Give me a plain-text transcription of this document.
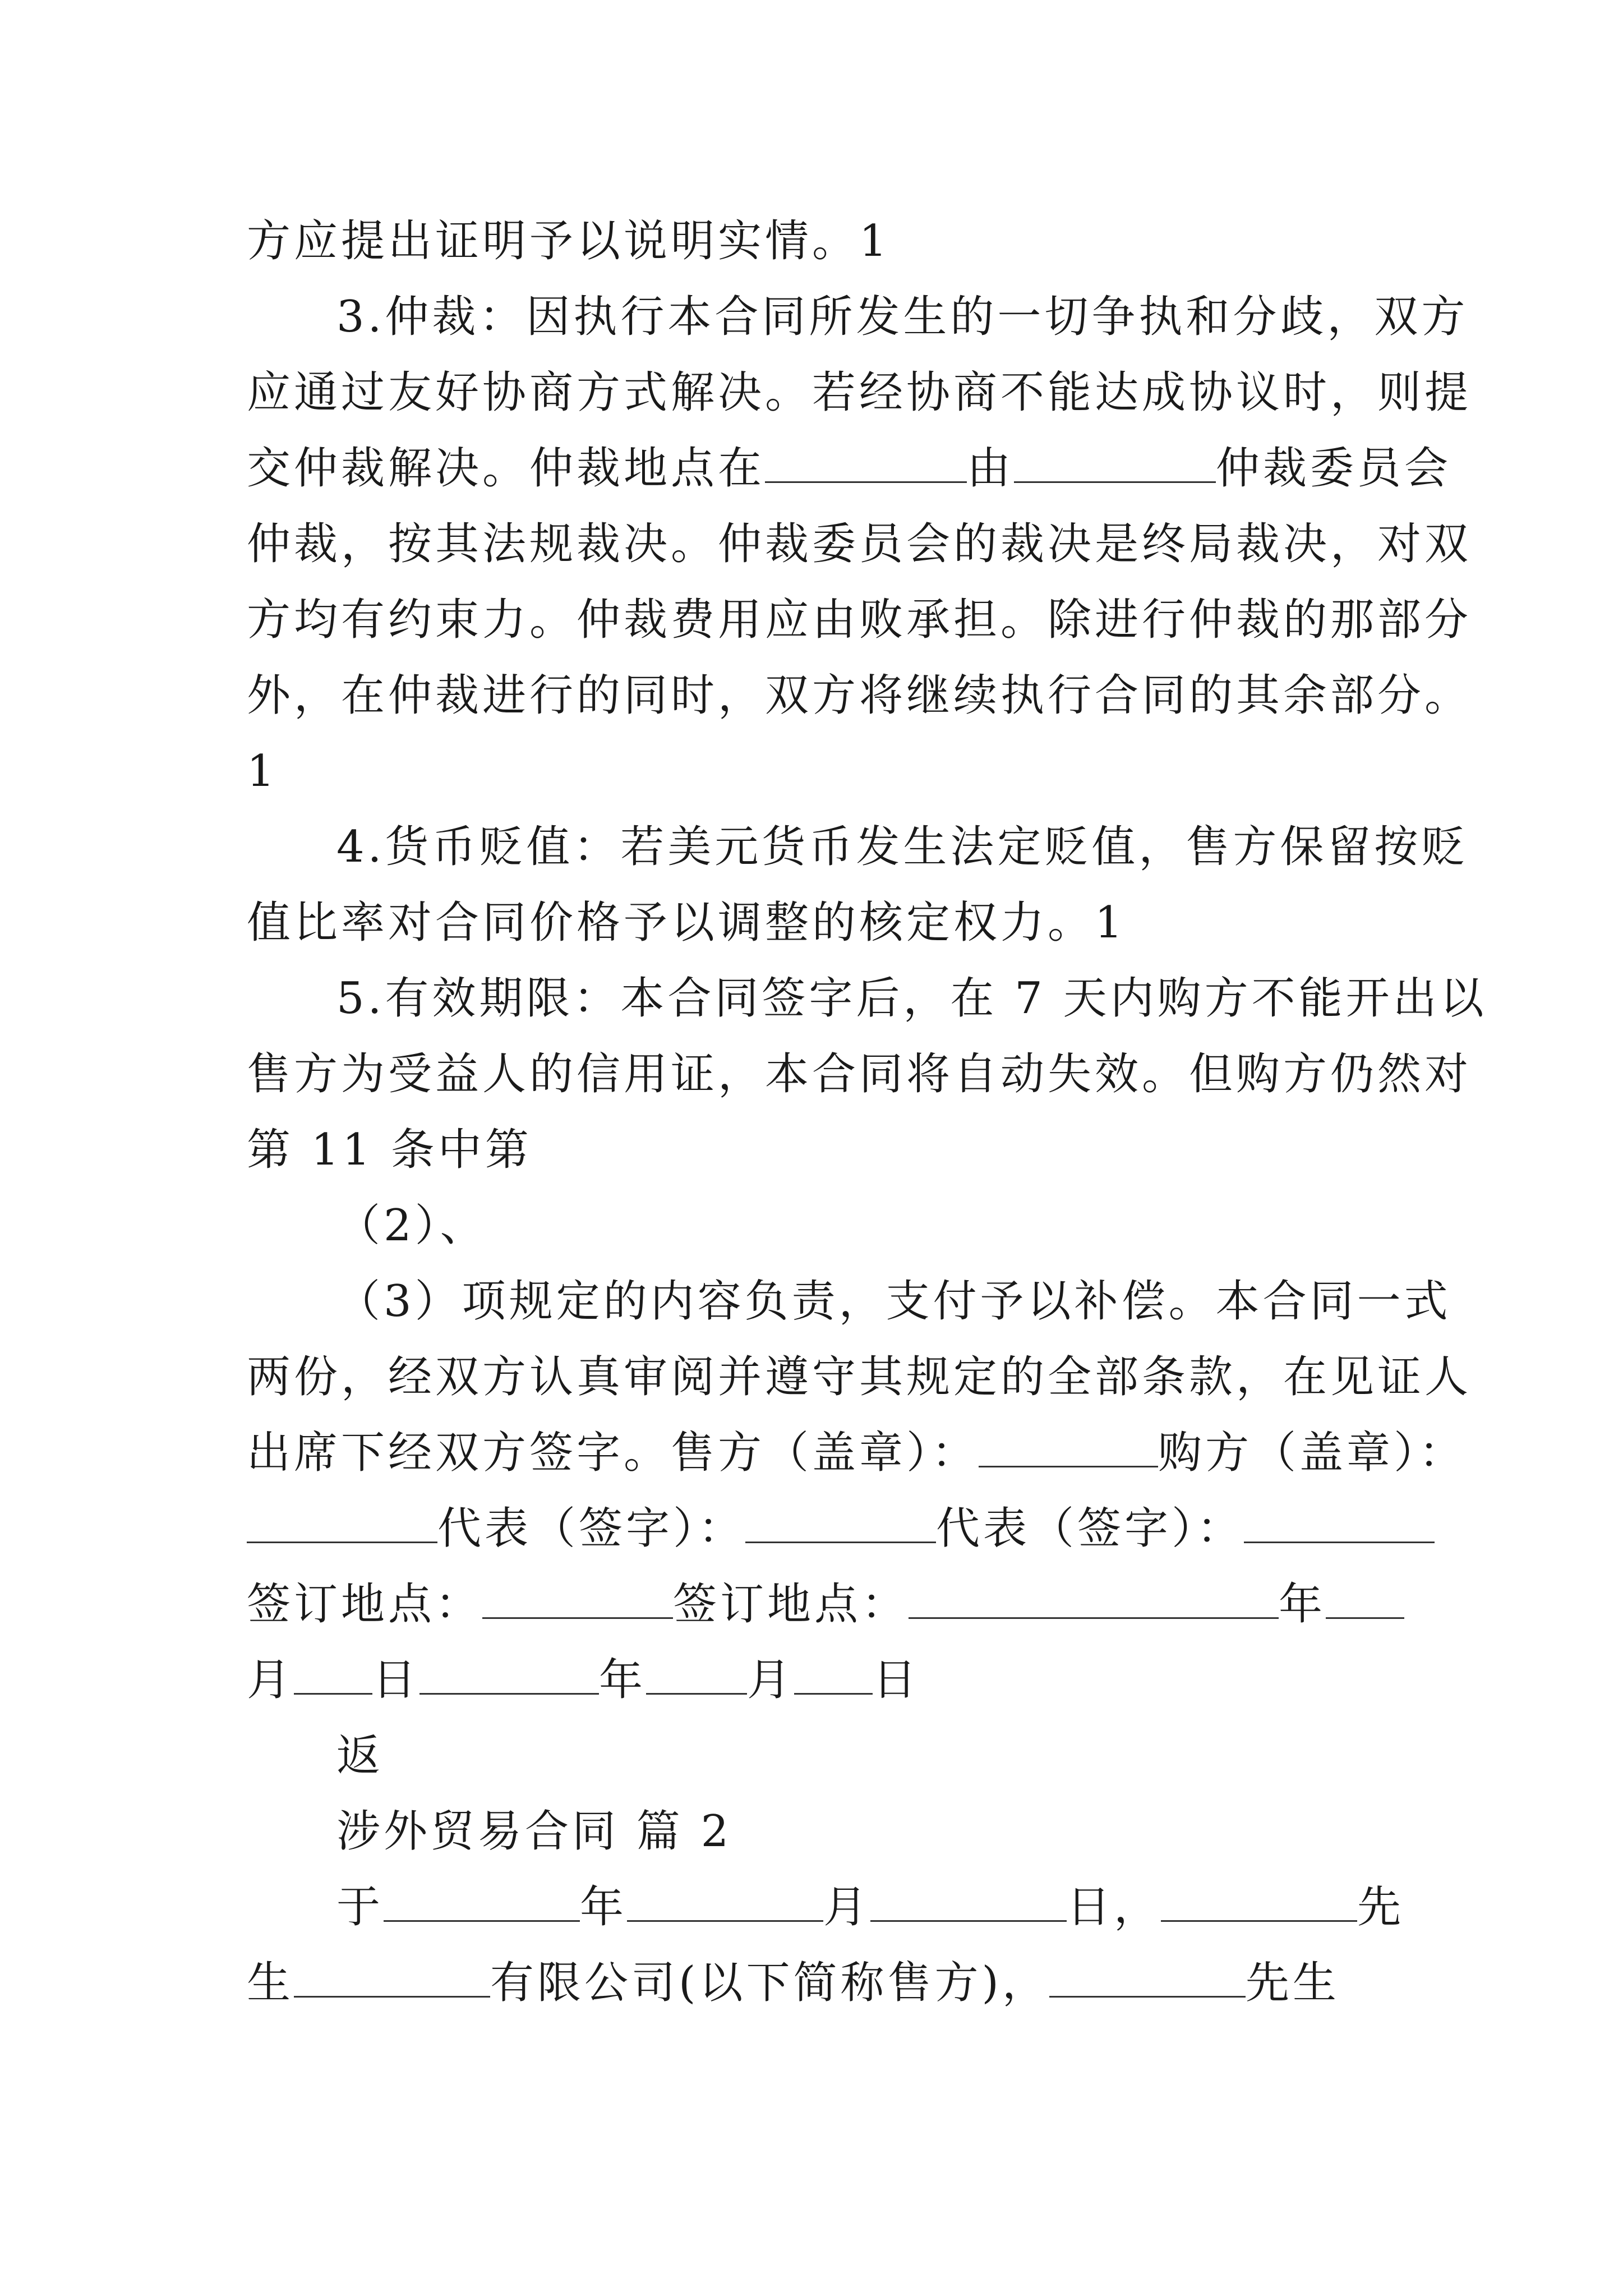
方应提出证明予以说明实情。1
3.仲裁：因执行本合同所发生的一切争执和分歧，双方
应通过友好协商方式解决。若经协商不能达成协议时，则提
交仲裁解决。仲裁地点在	由	仲裁委员会
仲裁，按其法规裁决。仲裁委员会的裁决是终局裁决，对双
方均有约束力。仲裁费用应由败承担。除进行仲裁的那部分
外，在仲裁进行的同时，双方将继续执行合同的其余部分。
1
4.货币贬值：若美元货币发生法定贬值，售方保留按贬
值比率对合同价格予以调整的核定权力。1
5.有效期限：本合同签字后，在 7 天内购方不能开出以
售方为受益人的信用证，本合同将自动失效。但购方仍然对
第 11 条中第
（2）、
（3）项规定的内容负责，支付予以补偿。本合同一式
两份，经双方认真审阅并遵守其规定的全部条款，在见证人
出席下经双方签字。售方（盖章）：	购方（盖章）：
代表（签字）：	代表（签字）：
签订地点：	签订地点：	年
月 日	年 月 日
返
涉外贸易合同 篇 2
于	年	月	日，	先
生	有限公司(以下简称售方)，	先生
